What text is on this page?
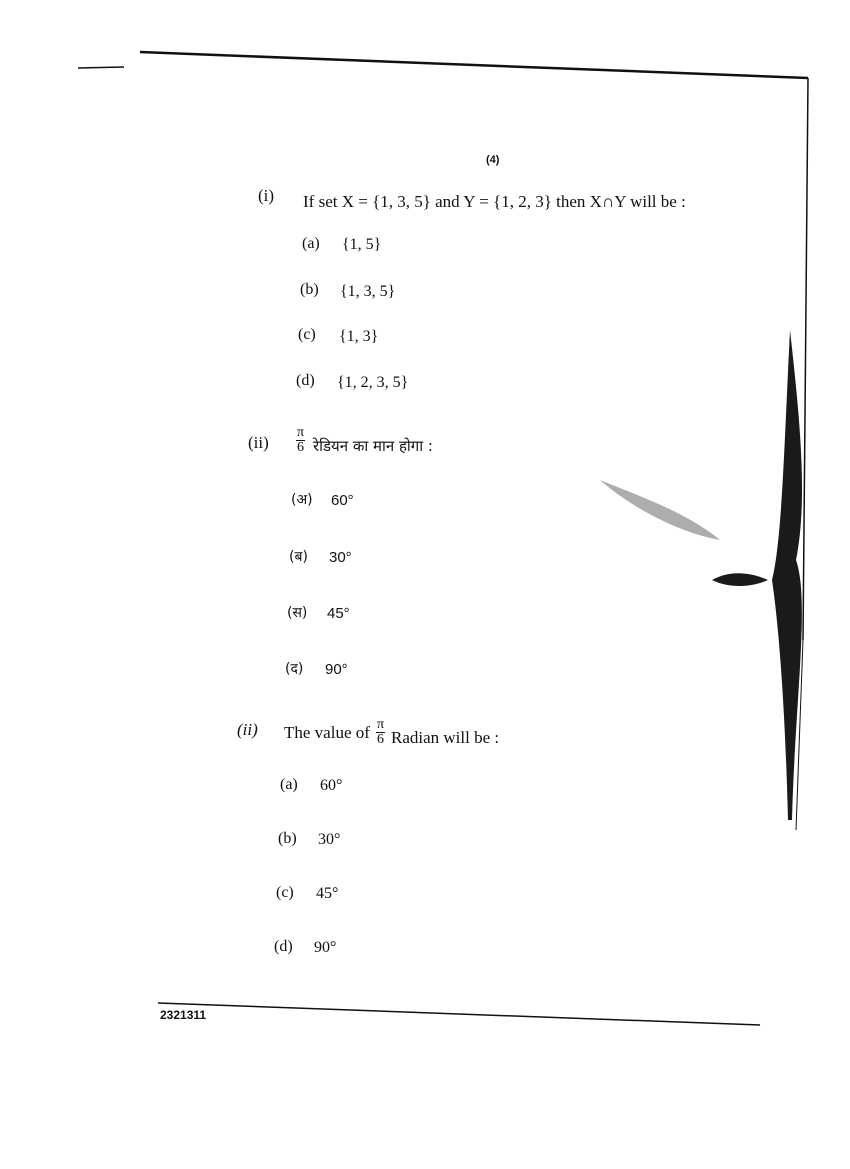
(4)
(i) If set X = {1, 3, 5} and Y = {1, 2, 3} then X∩Y will be :
(a) {1, 5}
(b) {1, 3, 5}
(c) {1, 3}
(d) {1, 2, 3, 5}
$(ii) \frac{\pi}{6}$ रेडियन का मान होगा :
(अ) 60°
(ब) 30°
(स) 45°
(द) 90°
(ii) The value of $\frac{\pi}{6}$ Radian will be :
(a) 60°
(b) 30°
(c) 45°
(d) 90°
2321311
